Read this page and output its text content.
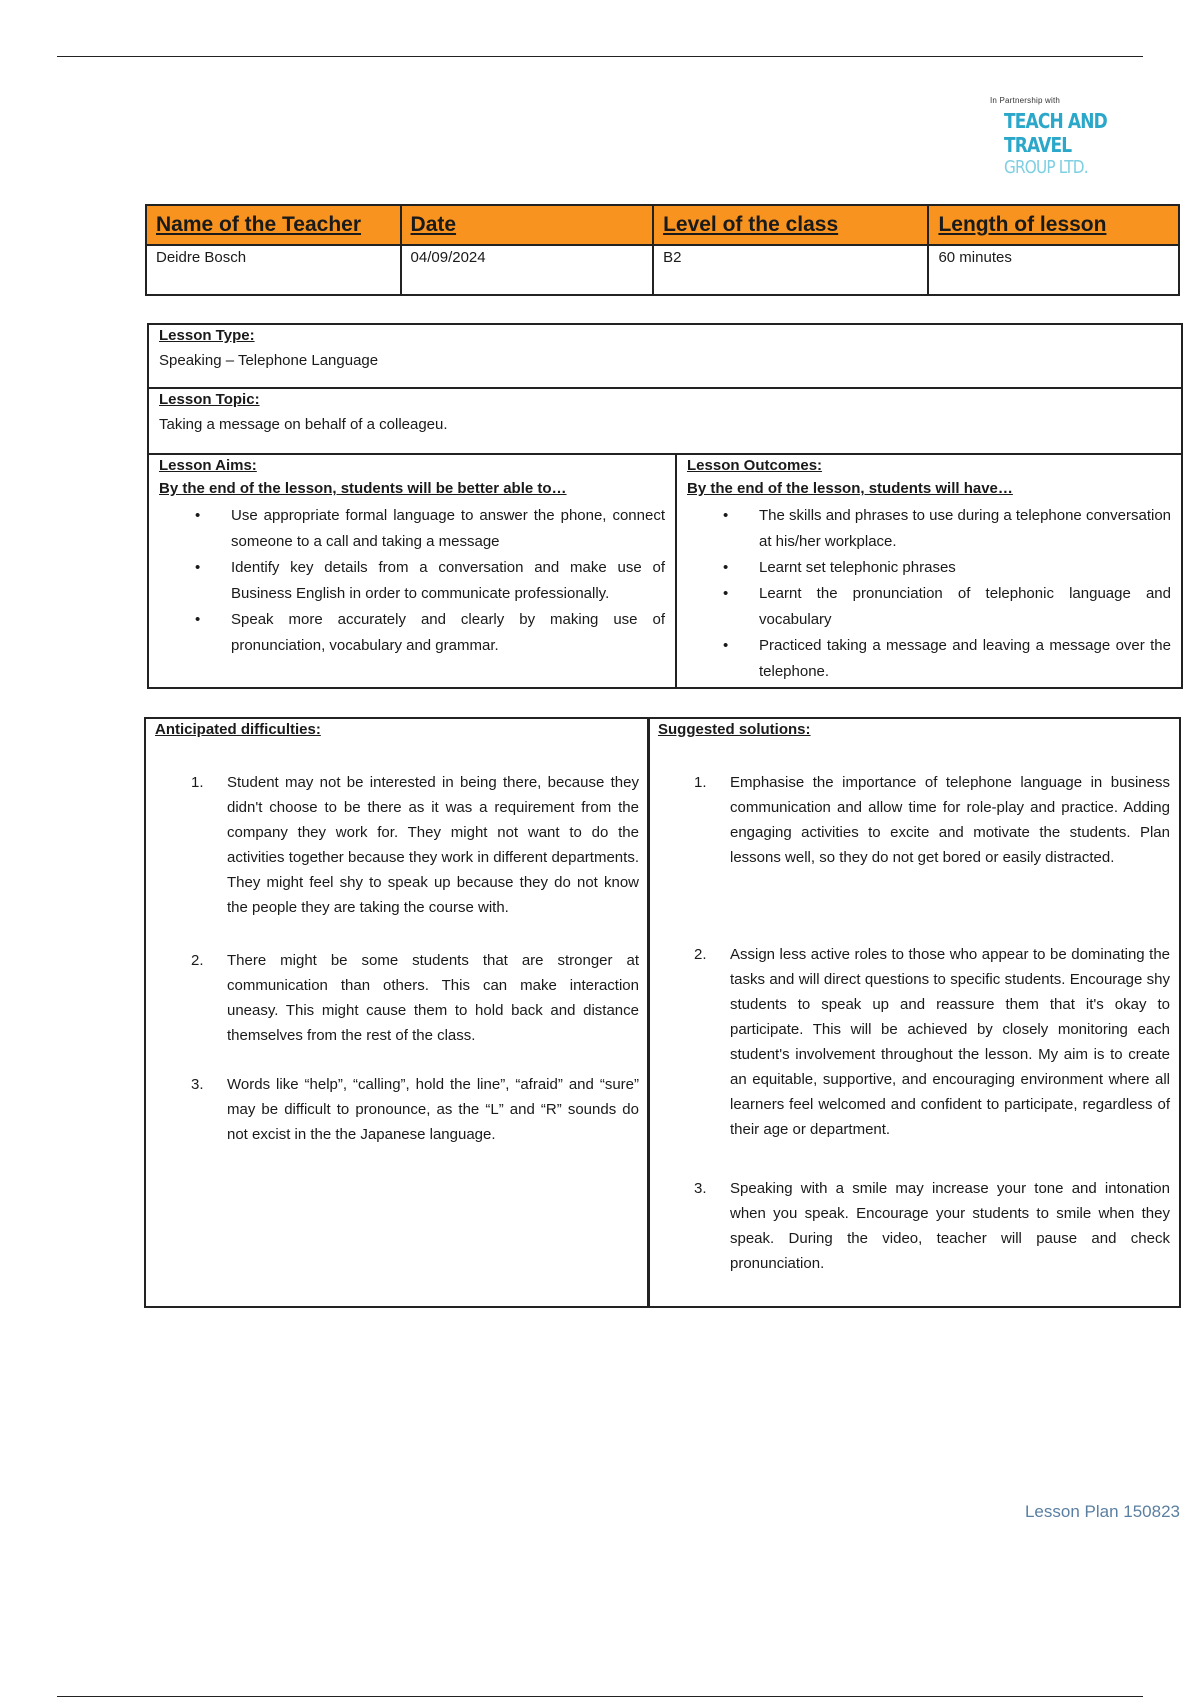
In Partnership with
TEACH AND TRAVEL
GROUP LTD.
Name of the Teacher	Date	Level of the class	Length of lesson
Deidre Bosch	04/09/2024	B2	60 minutes
Lesson Type:
Speaking – Telephone Language
Lesson Topic:
Taking a message on behalf of a colleageu.
Lesson Aims:
By the end of the lesson, students will be better able to…
• Use appropriate formal language to answer the phone, connect someone to a call and taking a message
• Identify key details from a conversation and make use of Business English in order to communicate professionally.
• Speak more accurately and clearly by making use of pronunciation, vocabulary and grammar.
Lesson Outcomes:
By the end of the lesson, students will have…
• The skills and phrases to use during a telephone conversation at his/her workplace.
• Learnt set telephonic phrases
• Learnt the pronunciation of telephonic language and vocabulary
• Practiced taking a message and leaving a message over the telephone.
Anticipated difficulties:
1. Student may not be interested in being there, because they didn't choose to be there as it was a requirement from the company they work for. They might not want to do the activities together because they work in different departments. They might feel shy to speak up because they do not know the people they are taking the course with.
2. There might be some students that are stronger at communication than others. This can make interaction uneasy. This might cause them to hold back and distance themselves from the rest of the class.
3. Words like “help”, “calling”, hold the line”, “afraid” and “sure” may be difficult to pronounce, as the “L” and “R” sounds do not excist in the the Japanese language.
Suggested solutions:
1. Emphasise the importance of telephone language in business communication and allow time for role-play and practice. Adding engaging activities to excite and motivate the students. Plan lessons well, so they do not get bored or easily distracted.
2. Assign less active roles to those who appear to be dominating the tasks and will direct questions to specific students. Encourage shy students to speak up and reassure them that it's okay to participate. This will be achieved by closely monitoring each student's involvement throughout the lesson. My aim is to create an equitable, supportive, and encouraging environment where all learners feel welcomed and confident to participate, regardless of their age or department.
3. Speaking with a smile may increase your tone and intonation when you speak. Encourage your students to smile when they speak. During the video, teacher will pause and check pronunciation.
Lesson Plan 150823
